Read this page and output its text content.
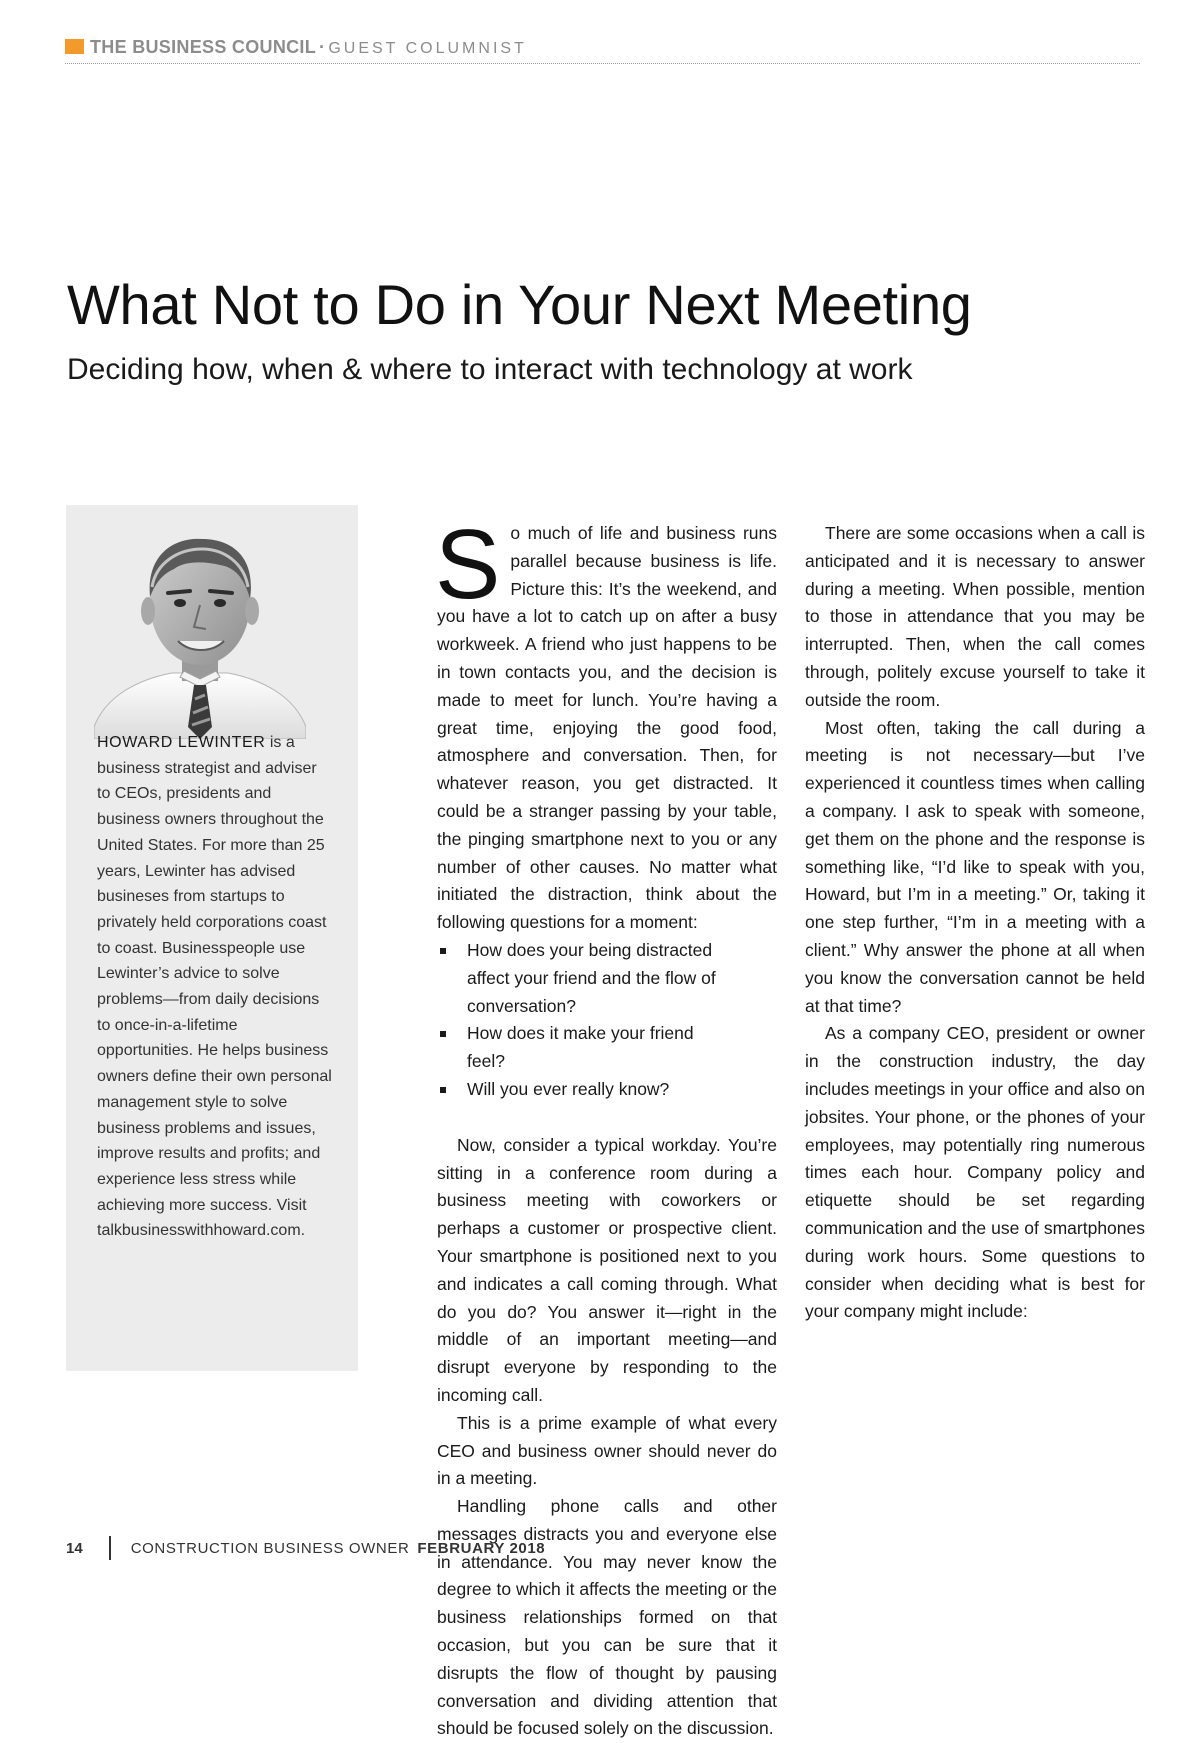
THE BUSINESS COUNCIL · GUEST COLUMNIST
What Not to Do in Your Next Meeting
Deciding how, when & where to interact with technology at work
HOWARD LEWINTER is a business strategist and adviser to CEOs, presidents and business owners throughout the United States. For more than 25 years, Lewinter has advised busineses from startups to privately held corporations coast to coast. Businesspeople use Lewinter’s advice to solve problems—from daily decisions to once-in-a-lifetime opportunities. He helps business owners define their own personal management style to solve business problems and issues, improve results and profits; and experience less stress while achieving more success. Visit talkbusinesswithhoward.com.

So much of life and business runs parallel because business is life. Picture this: It’s the weekend, and you have a lot to catch up on after a busy workweek. A friend who just happens to be in town contacts you, and the decision is made to meet for lunch. You’re having a great time, enjoying the good food, atmosphere and conversation. Then, for whatever reason, you get distracted. It could be a stranger passing by your table, the pinging smartphone next to you or any number of other causes. No matter what initiated the distraction, think about the following questions for a moment:

How does your being distracted affect your friend and the flow of conversation?
How does it make your friend feel?
Will you ever really know?

Now, consider a typical workday. You’re sitting in a conference room during a business meeting with coworkers or perhaps a customer or prospective client. Your smartphone is positioned next to you and indicates a call coming through. What do you do? You answer it—right in the middle of an important meeting—and disrupt everyone by responding to the incoming call.

This is a prime example of what every CEO and business owner should never do in a meeting.

Handling phone calls and other messages distracts you and everyone else in attendance. You may never know the degree to which it affects the meeting or the business relationships formed on that occasion, but you can be sure that it disrupts the flow of thought by pausing conversation and dividing attention that should be focused solely on the discussion.

There are some occasions when a call is anticipated and it is necessary to answer during a meeting. When possible, mention to those in attendance that you may be interrupted. Then, when the call comes through, politely excuse yourself to take it outside the room.

Most often, taking the call during a meeting is not necessary—but I’ve experienced it countless times when calling a company. I ask to speak with someone, get them on the phone and the response is something like, “I’d like to speak with you, Howard, but I’m in a meeting.” Or, taking it one step further, “I’m in a meeting with a client.” Why answer the phone at all when you know the conversation cannot be held at that time?

As a company CEO, president or owner in the construction industry, the day includes meetings in your office and also on jobsites. Your phone, or the phones of your employees, may potentially ring numerous times each hour. Company policy and etiquette should be set regarding communication and the use of smartphones during work hours. Some questions to consider when deciding what is best for your company might include:

14	CONSTRUCTION BUSINESS OWNER FEBRUARY 2018
